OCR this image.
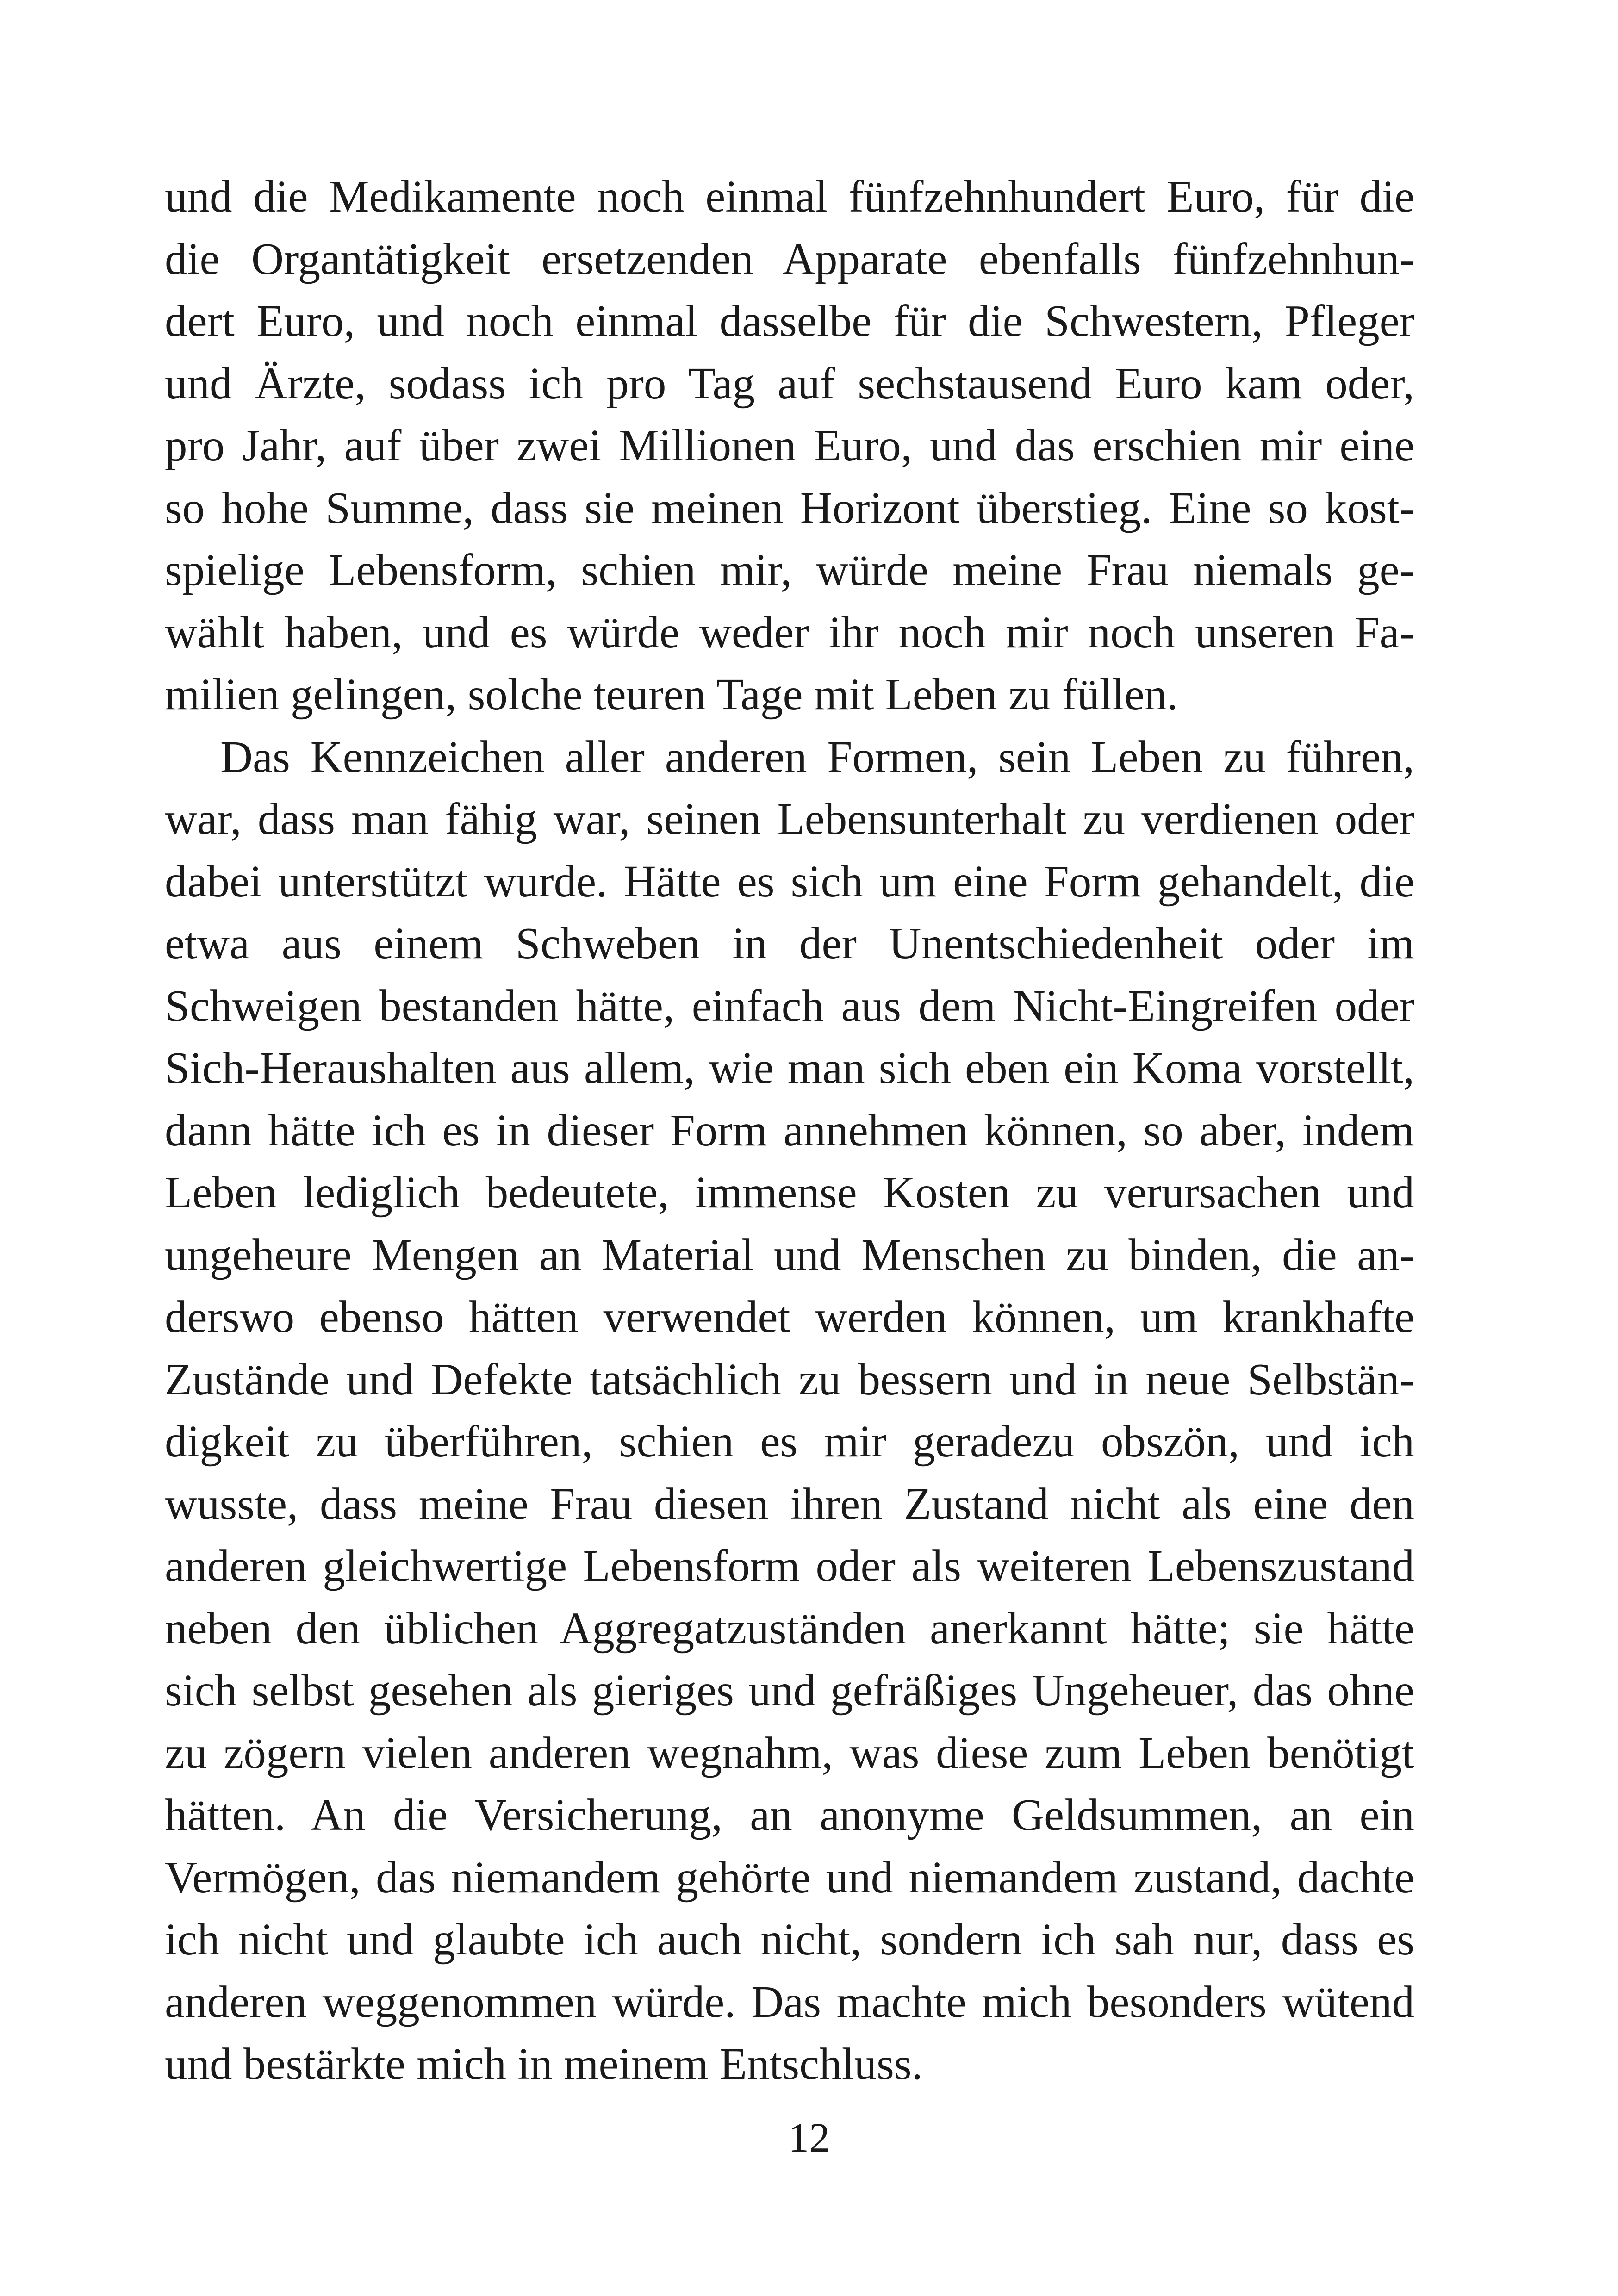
und die Medikamente noch einmal fünfzehnhundert Euro, für die
die Organtätigkeit ersetzenden Apparate ebenfalls fünfzehnhun-
dert Euro, und noch einmal dasselbe für die Schwestern, Pfleger
und Ärzte, sodass ich pro Tag auf sechstausend Euro kam oder,
pro Jahr, auf über zwei Millionen Euro, und das erschien mir eine
so hohe Summe, dass sie meinen Horizont überstieg. Eine so kost-
spielige Lebensform, schien mir, würde meine Frau niemals ge-
wählt haben, und es würde weder ihr noch mir noch unseren Fa-
milien gelingen, solche teuren Tage mit Leben zu füllen.
Das Kennzeichen aller anderen Formen, sein Leben zu führen,
war, dass man fähig war, seinen Lebensunterhalt zu verdienen oder
dabei unterstützt wurde. Hätte es sich um eine Form gehandelt, die
etwa aus einem Schweben in der Unentschiedenheit oder im
Schweigen bestanden hätte, einfach aus dem Nicht-Eingreifen oder
Sich-Heraushalten aus allem, wie man sich eben ein Koma vorstellt,
dann hätte ich es in dieser Form annehmen können, so aber, indem
Leben lediglich bedeutete, immense Kosten zu verursachen und
ungeheure Mengen an Material und Menschen zu binden, die an-
derswo ebenso hätten verwendet werden können, um krankhafte
Zustände und Defekte tatsächlich zu bessern und in neue Selbstän-
digkeit zu überführen, schien es mir geradezu obszön, und ich
wusste, dass meine Frau diesen ihren Zustand nicht als eine den
anderen gleichwertige Lebensform oder als weiteren Lebenszustand
neben den üblichen Aggregatzuständen anerkannt hätte; sie hätte
sich selbst gesehen als gieriges und gefräßiges Ungeheuer, das ohne
zu zögern vielen anderen wegnahm, was diese zum Leben benötigt
hätten. An die Versicherung, an anonyme Geldsummen, an ein
Vermögen, das niemandem gehörte und niemandem zustand, dachte
ich nicht und glaubte ich auch nicht, sondern ich sah nur, dass es
anderen weggenommen würde. Das machte mich besonders wütend
und bestärkte mich in meinem Entschluss.
12
